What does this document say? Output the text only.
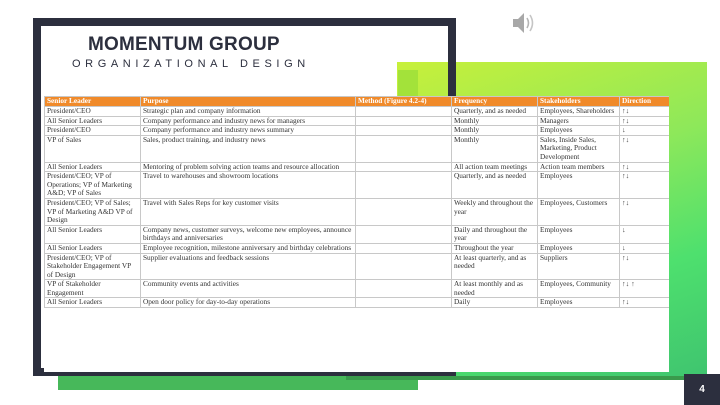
MOMENTUM GROUP
ORGANIZATIONAL DESIGN
Senior Leader	Purpose	Method (Figure 4.2-4)	Frequency	Stakeholders	Direction
President/CEO	Strategic plan and company information		Quarterly, and as needed	Employees, Shareholders	↑↓
All Senior Leaders	Company performance and industry news for managers		Monthly	Managers	↑↓
President/CEO	Company performance and industry news summary		Monthly	Employees	↓
VP of Sales	Sales, product training, and industry news		Monthly	Sales, Inside Sales, Marketing, Product Development	↑↓
All Senior Leaders	Mentoring of problem solving action teams and resource allocation		All action team meetings	Action team members	↑↓
President/CEO; VP of Operations; VP of Marketing A&D; VP of Sales	Travel to warehouses and showroom locations		Quarterly, and as needed	Employees	↑↓
President/CEO; VP of Sales; VP of Marketing A&D VP of Design	Travel with Sales Reps for key customer visits		Weekly and throughout the year	Employees, Customers	↑↓
All Senior Leaders	Company news, customer surveys, welcome new employees, announce birthdays and anniversaries		Daily and throughout the year	Employees	↓
All Senior Leaders	Employee recognition, milestone anniversary and birthday celebrations		Throughout the year	Employees	↓
President/CEO; VP of Stakeholder Engagement VP of Design	Supplier evaluations and feedback sessions		At least quarterly, and as needed	Suppliers	↑↓
VP of Stakeholder Engagement	Community events and activities		At least monthly and as needed	Employees, Community	↑↓ ↑
All Senior Leaders	Open door policy for day-to-day operations		Daily	Employees	↑↓
4
